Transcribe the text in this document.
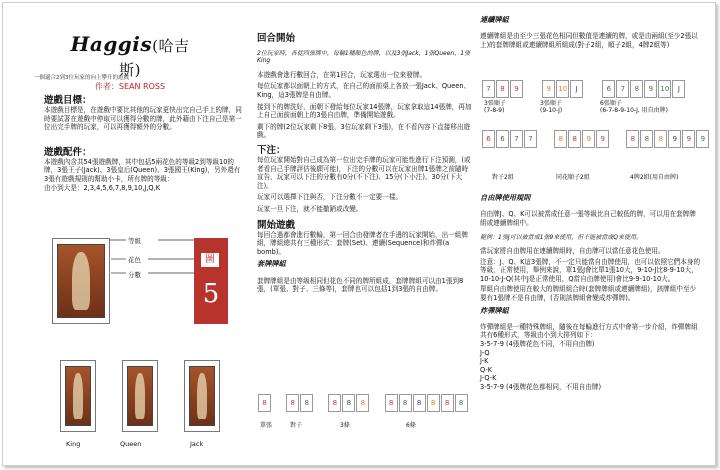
Haggis(哈吉斯)
作者：SEAN ROSS
一個適合2到3位玩家的向上攀升的遊戲

遊戲目標：

本遊戲目標是，在遊戲中要比其他的玩家更快出完自己手上的牌，同時要試著在遊戲中停取可以獲得分數的牌，此外藉由下注自己是第一位出完手牌的玩家，可以再獲得額外的分數。

遊戲配件：

本遊戲內含共54張遊戲牌，其中包括5兩花色的等級2到等級10的牌，3張王子(Jack)、3張皇后(Queen)、3張國王(King)，另外還有3張有遊戲規則的幫助小卡，所有牌的等級：

由小到大是：2,3,4,5,6,7,8,9,10,J,Q,K

等級
花色
分數
圖
5
King	Queen	Jack

回合開始

2位玩家時，各從四張牌中，每輪1種顏色的牌，以及3張Jack，1張Queen，1張King

本遊戲會進行數回合，在第1回合，玩家選出一位來發牌。

每位玩家都以面朝上的方式，在自己的面前桌上各放一張Jack、Queen、King，這3張牌是自由牌。

接到下的牌洗好，面朝下發給每位玩家14張牌，玩家拿取這14張牌，再加上自己面前面朝上的3張自由牌，準備開始遊戲。

剩下的牌(2位玩家剩下8張，3位玩家剩下3張)，在不看內容下直接移出遊戲。

下注：

每位玩家開始對自己成為第一位出完手牌的玩家可能性進行下注預測，(或者看自己手牌評估後願可能)，下注的分數可以在玩家出牌1張牌之前隨時宣告，玩家可以下注的分數有0分(不下注)、15分(下小注)、30分(下大注)。

玩家可以選擇下注與否，下注分數不一定要一樣。

玩家一旦下注，就不能撤銷或改變。

開始遊戲

每回合過都會進行數輪，第一回合由發牌者在手邊的玩家開始，出一組牌組，牌組總共有三種形式：套牌(Set)、連續(Sequence)和炸彈(a bomb)。

套牌牌組

套牌牌組是由等級相同但花色不同的牌所組成，套牌牌組可以由1張到8張，(單張、對子、三條等)，套牌也可以包括1到3張的自由牌。

8	8 8	8 8 8	8 8 8 8 8 8
單張	對子	3條	6條

連續牌組

連續牌組是由至少三張花色相同但數值是連續的牌，或是由兩組(至少2張以上)的套牌牌組或連續牌組所組成(對子2組，順子2組，4牌2組等)

7 8 9	9 10 J	6 7 8 9 10 J
3張順子
(7-8-9)
3張順子
(9-10-J)
6張順子
(6-7-8-9-10-J, 用自由牌)
6 6 7 7	8 8 9 9	8 8 8 9 9 9
對子2組	同花順子2組	4牌2組(用自由牌)

自由牌使用規則

自由牌J、Q、K可以被當成任意一張等級比自己較低的牌，可以用在套牌牌組或連續牌組中。

範例：1張J可以被當成1張9來使用，但不能被當成Q來使用。

當玩家將自由牌用在連續牌組時，自由牌可以當任意花色使用。

注意：J、Q、K這3張牌，不一定只能當自由牌使用，也可以依照它們本身的等級，正常使用，舉例來說，單1張J會比單1張10大，9-10-J比8-9-10大，10-10-J-Q(其中J是正常使用，Q當自由牌使用)會比9-9-10-10大。

單組自由牌使用在較大的牌組組合時(套牌牌組或連續牌組)，該牌組中至少要有1張牌不是自由牌，(否則該牌組會變成炸彈牌)。

炸彈牌組

炸彈牌組是一種特殊牌組，隨後在每輪進行方式中會第一步介紹，炸彈牌組共有6種形式，等級由小到大排列如下：

3-5-7-9 (4張牌花色不同，不用自由牌)

J-Q

J-K

Q-K

J-Q-K

3-5-7-9 (4張牌花色都相同，不用自由牌)
